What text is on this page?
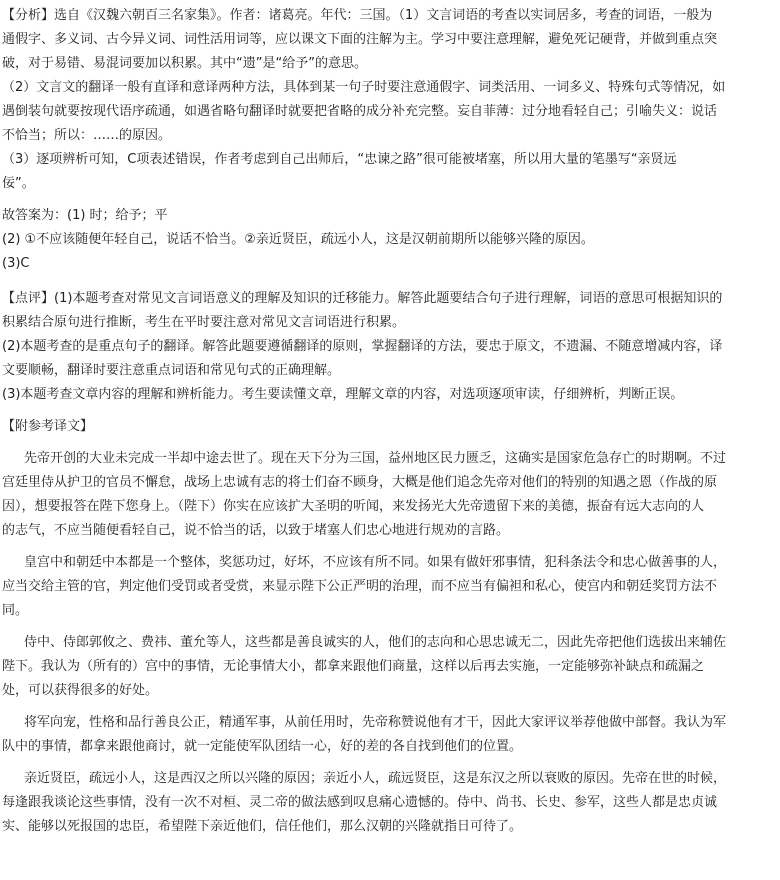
【分析】选自《汉魏六朝百三名家集》。作者：诸葛亮。年代：三国。（1）文言词语的考查以实词居多，考查的词语，一般为
通假字、多义词、古今异义词、词性活用词等，应以课文下面的注解为主。学习中要注意理解，避免死记硬背，并做到重点突
破，对于易错、易混词要加以积累。其中“遗”是“给予”的意思。
（2）文言文的翻译一般有直译和意译两种方法，具体到某一句子时要注意通假字、词类活用、一词多义、特殊句式等情况，如
遇倒装句就要按现代语序疏通，如遇省略句翻译时就要把省略的成分补充完整。妄自菲薄：过分地看轻自己；引喻失义：说话
不恰当；所以：……的原因。
（3）逐项辨析可知，C项表述错误，作者考虑到自己出师后，“忠谏之路”很可能被堵塞，所以用大量的笔墨写“亲贤远
佞”。
故答案为：(1) 时；给予；平
(2) ①不应该随便年轻自己，说话不恰当。②亲近贤臣，疏远小人，这是汉朝前期所以能够兴隆的原因。
(3)C
【点评】(1)本题考查对常见文言词语意义的理解及知识的迁移能力。解答此题要结合句子进行理解，词语的意思可根据知识的
积累结合原句进行推断，考生在平时要注意对常见文言词语进行积累。
(2)本题考查的是重点句子的翻译。解答此题要遵循翻译的原则，掌握翻译的方法，要忠于原文，不遗漏、不随意增减内容，译
文要顺畅，翻译时要注意重点词语和常见句式的正确理解。
(3)本题考查文章内容的理解和辨析能力。考生要读懂文章，理解文章的内容，对选项逐项审读，仔细辨析，判断正误。
【附参考译文】
先帝开创的大业未完成一半却中途去世了。现在天下分为三国，益州地区民力匮乏，这确实是国家危急存亡的时期啊。不过
宫廷里侍从护卫的官员不懈怠，战场上忠诚有志的将士们奋不顾身，大概是他们追念先帝对他们的特别的知遇之恩（作战的原
因），想要报答在陛下您身上。（陛下）你实在应该扩大圣明的听闻，来发扬光大先帝遗留下来的美德，振奋有远大志向的人
的志气，不应当随便看轻自己，说不恰当的话，以致于堵塞人们忠心地进行规劝的言路。
皇宫中和朝廷中本都是一个整体，奖惩功过，好坏，不应该有所不同。如果有做奸邪事情，犯科条法令和忠心做善事的人，
应当交给主管的官，判定他们受罚或者受赏，来显示陛下公正严明的治理，而不应当有偏袒和私心，使宫内和朝廷奖罚方法不
同。
侍中、侍郎郭攸之、费祎、董允等人，这些都是善良诚实的人，他们的志向和心思忠诚无二，因此先帝把他们选拔出来辅佐
陛下。我认为（所有的）宫中的事情，无论事情大小，都拿来跟他们商量，这样以后再去实施，一定能够弥补缺点和疏漏之
处，可以获得很多的好处。
将军向宠，性格和品行善良公正，精通军事，从前任用时，先帝称赞说他有才干，因此大家评议举荐他做中部督。我认为军
队中的事情，都拿来跟他商讨，就一定能使军队团结一心，好的差的各自找到他们的位置。
亲近贤臣，疏远小人，这是西汉之所以兴隆的原因；亲近小人，疏远贤臣，这是东汉之所以衰败的原因。先帝在世的时候，
每逢跟我谈论这些事情，没有一次不对桓、灵二帝的做法感到叹息痛心遗憾的。侍中、尚书、长史、参军，这些人都是忠贞诚
实、能够以死报国的忠臣，希望陛下亲近他们，信任他们，那么汉朝的兴隆就指日可待了。
